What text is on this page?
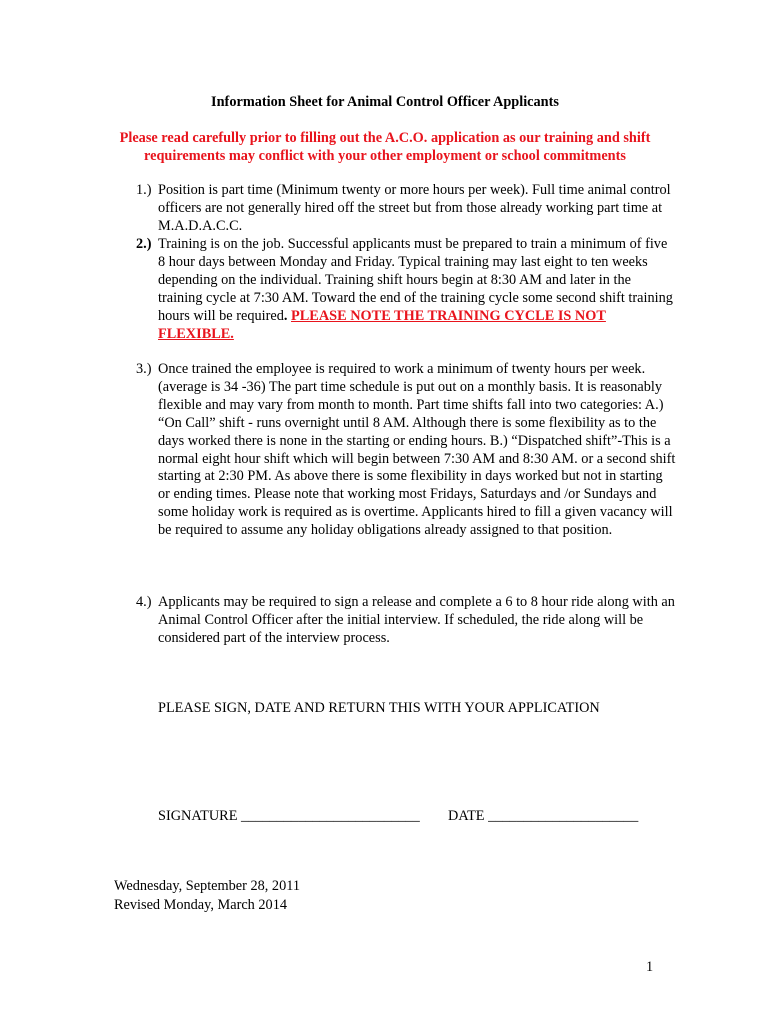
Information Sheet for Animal Control Officer Applicants
Please read carefully prior to filling out the A.C.O. application as our training and shift requirements may conflict with your other employment or school commitments
1.) Position is part time (Minimum twenty or more hours per week). Full time animal control officers are not generally hired off the street but from those already working part time at M.A.D.A.C.C.
2.) Training is on the job. Successful applicants must be prepared to train a minimum of five 8 hour days between Monday and Friday. Typical training may last eight to ten weeks depending on the individual. Training shift hours begin at 8:30 AM and later in the training cycle at 7:30 AM. Toward the end of the training cycle some second shift training hours will be required. PLEASE NOTE THE TRAINING CYCLE IS NOT FLEXIBLE.
3.) Once trained the employee is required to work a minimum of twenty hours per week. (average is 34 -36) The part time schedule is put out on a monthly basis. It is reasonably flexible and may vary from month to month. Part time shifts fall into two categories: A.) “On Call” shift - runs overnight until 8 AM. Although there is some flexibility as to the days worked there is none in the starting or ending hours. B.) “Dispatched shift”-This is a normal eight hour shift which will begin between 7:30 AM and 8:30 AM. or a second shift starting at 2:30 PM. As above there is some flexibility in days worked but not in starting or ending times. Please note that working most Fridays, Saturdays and /or Sundays and some holiday work is required as is overtime. Applicants hired to fill a given vacancy will be required to assume any holiday obligations already assigned to that position.
4.) Applicants may be required to sign a release and complete a 6 to 8 hour ride along with an Animal Control Officer after the initial interview. If scheduled, the ride along will be considered part of the interview process.
PLEASE SIGN, DATE AND RETURN THIS WITH YOUR APPLICATION
SIGNATURE _________________________ DATE _____________________
Wednesday, September 28, 2011
Revised Monday, March 2014
1
